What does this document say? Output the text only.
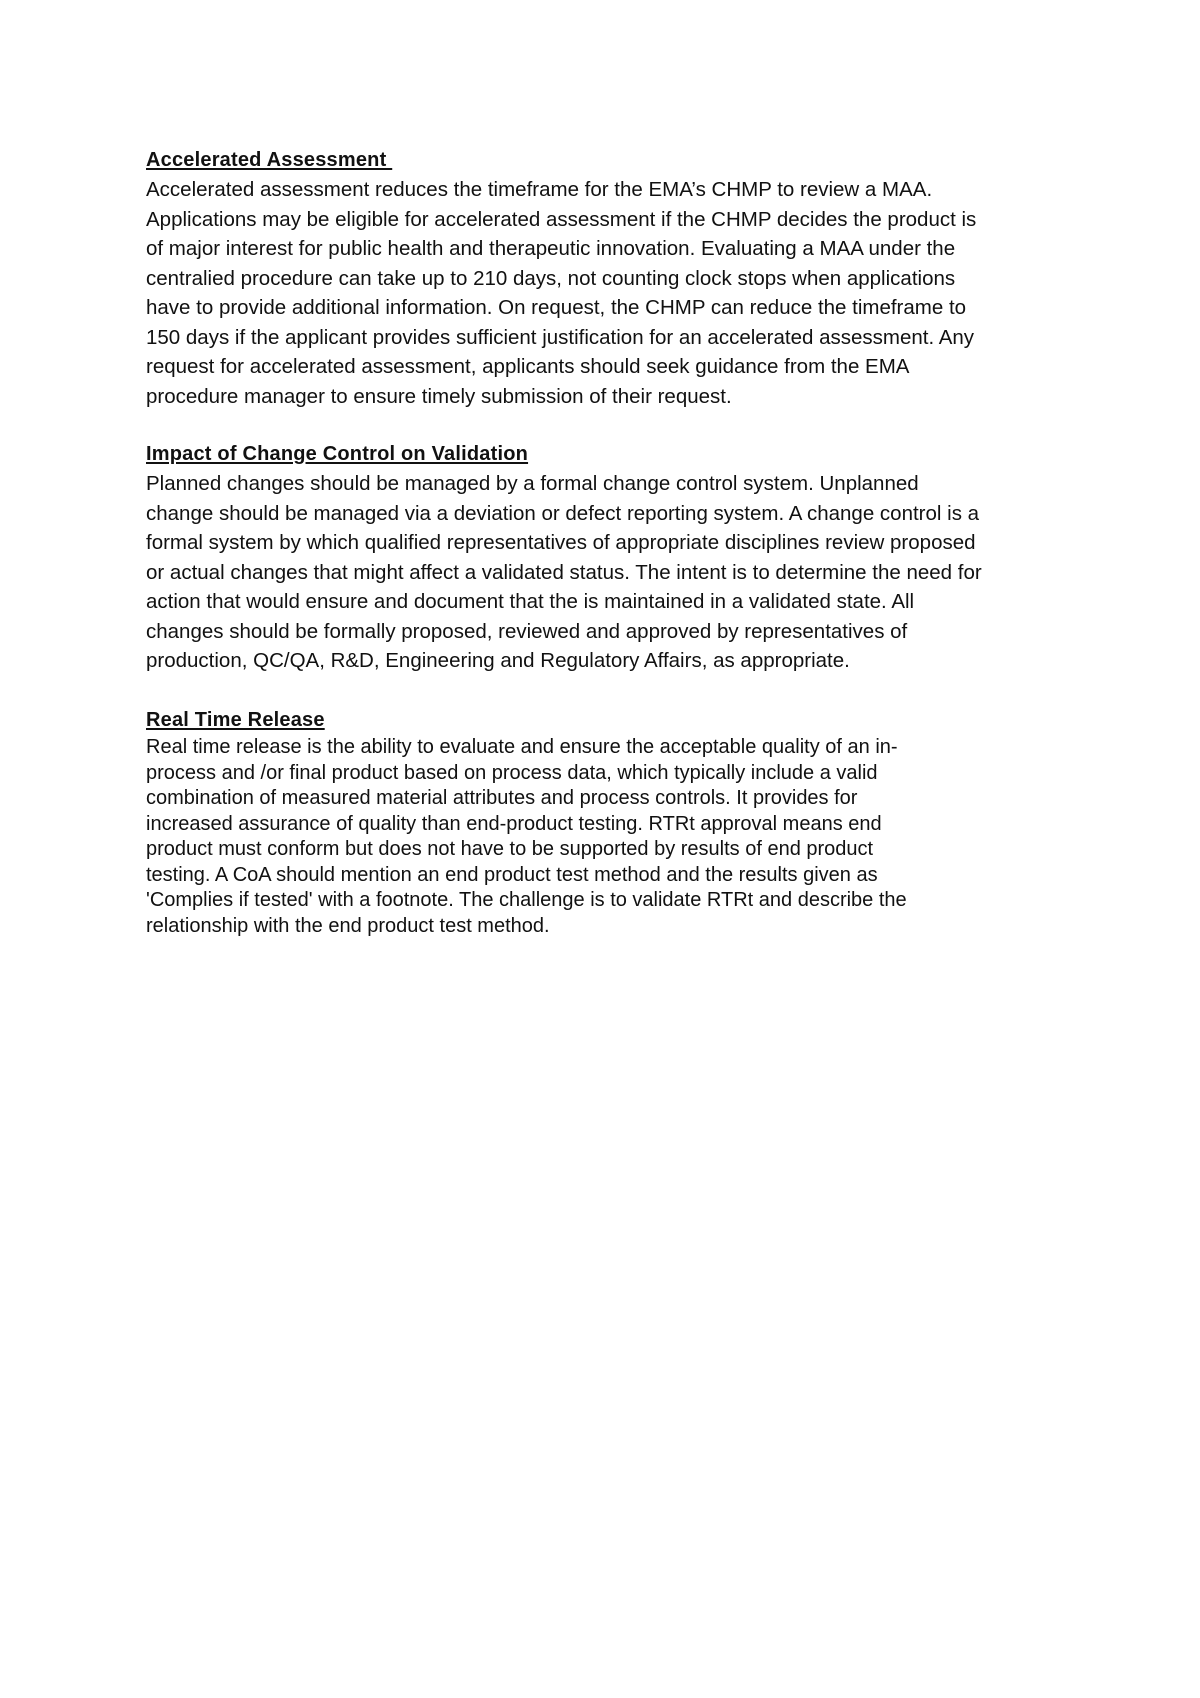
Accelerated Assessment

Accelerated assessment reduces the timeframe for the EMA’s CHMP to review a MAA.
Applications may be eligible for accelerated assessment if the CHMP decides the product is
of major interest for public health and therapeutic innovation. Evaluating a MAA under the
centralied procedure can take up to 210 days, not counting clock stops when applications
have to provide additional information. On request, the CHMP can reduce the timeframe to
150 days if the applicant provides sufficient justification for an accelerated assessment. Any
request for accelerated assessment, applicants should seek guidance from the EMA
procedure manager to ensure timely submission of their request.

Impact of Change Control on Validation

Planned changes should be managed by a formal change control system. Unplanned
change should be managed via a deviation or defect reporting system. A change control is a
formal system by which qualified representatives of appropriate disciplines review proposed
or actual changes that might affect a validated status. The intent is to determine the need for
action that would ensure and document that the is maintained in a validated state. All
changes should be formally proposed, reviewed and approved by representatives of
production, QC/QA, R&D, Engineering and Regulatory Affairs, as appropriate.

Real Time Release

Real time release is the ability to evaluate and ensure the acceptable quality of an in-
process and /or final product based on process data, which typically include a valid
combination of measured material attributes and process controls. It provides for
increased assurance of quality than end-product testing. RTRt approval means end
product must conform but does not have to be supported by results of end product
testing. A CoA should mention an end product test method and the results given as
'Complies if tested' with a footnote. The challenge is to validate RTRt and describe the
relationship with the end product test method.
